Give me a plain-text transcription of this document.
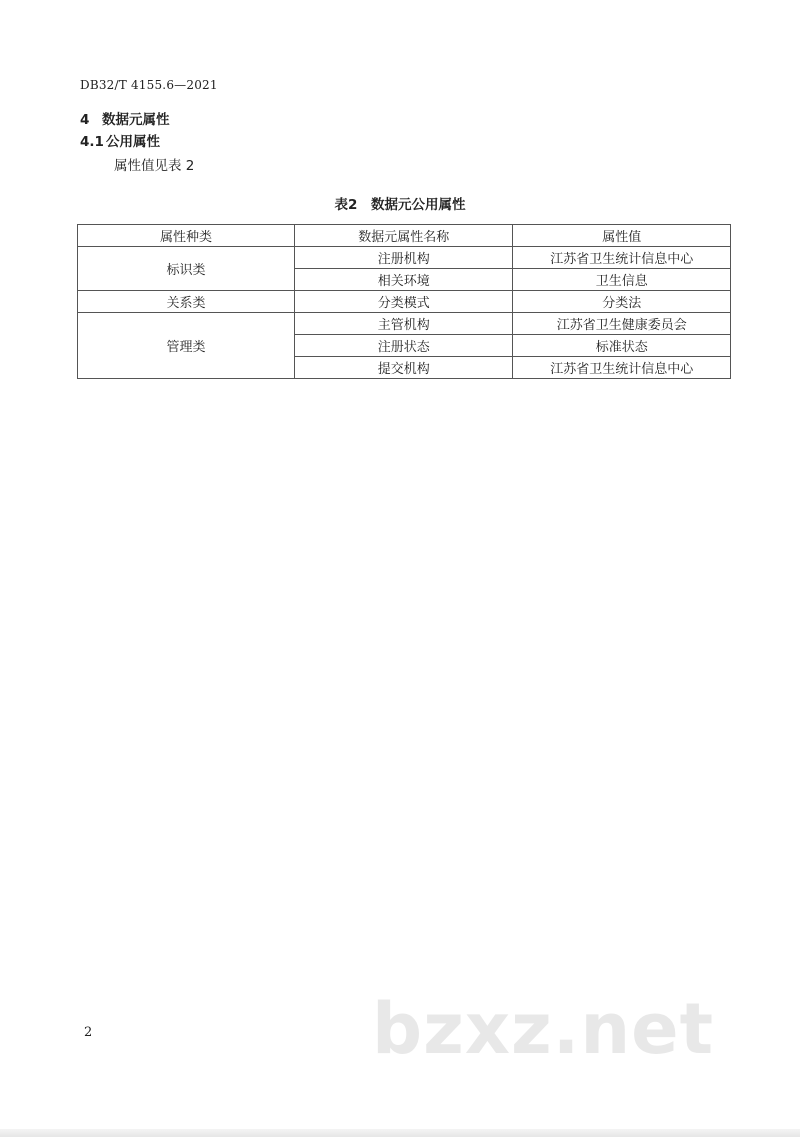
DB32/T 4155.6—2021
4 数据元属性
4.1 公用属性
属性值见表 2
表2　数据元公用属性
属性种类	数据元属性名称	属性值
标识类	注册机构	江苏省卫生统计信息中心
	相关环境	卫生信息
关系类	分类模式	分类法
管理类	主管机构	江苏省卫生健康委员会
	注册状态	标准状态
	提交机构	江苏省卫生统计信息中心
bzxz.net
2
